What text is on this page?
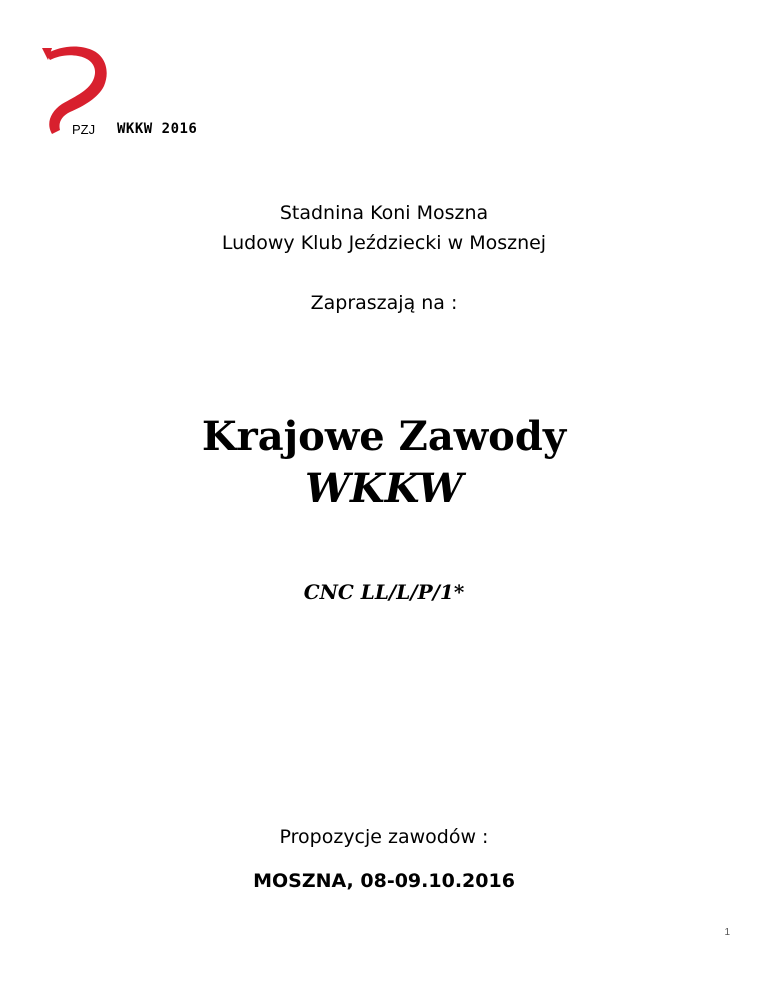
PZJ WKKW 2016
Stadnina Koni Moszna
Ludowy Klub Jeździecki w Mosznej
Zapraszają na :
Krajowe Zawody
WKKW
CNC LL/L/P/1*
Propozycje zawodów :
MOSZNA, 08-09.10.2016
1
